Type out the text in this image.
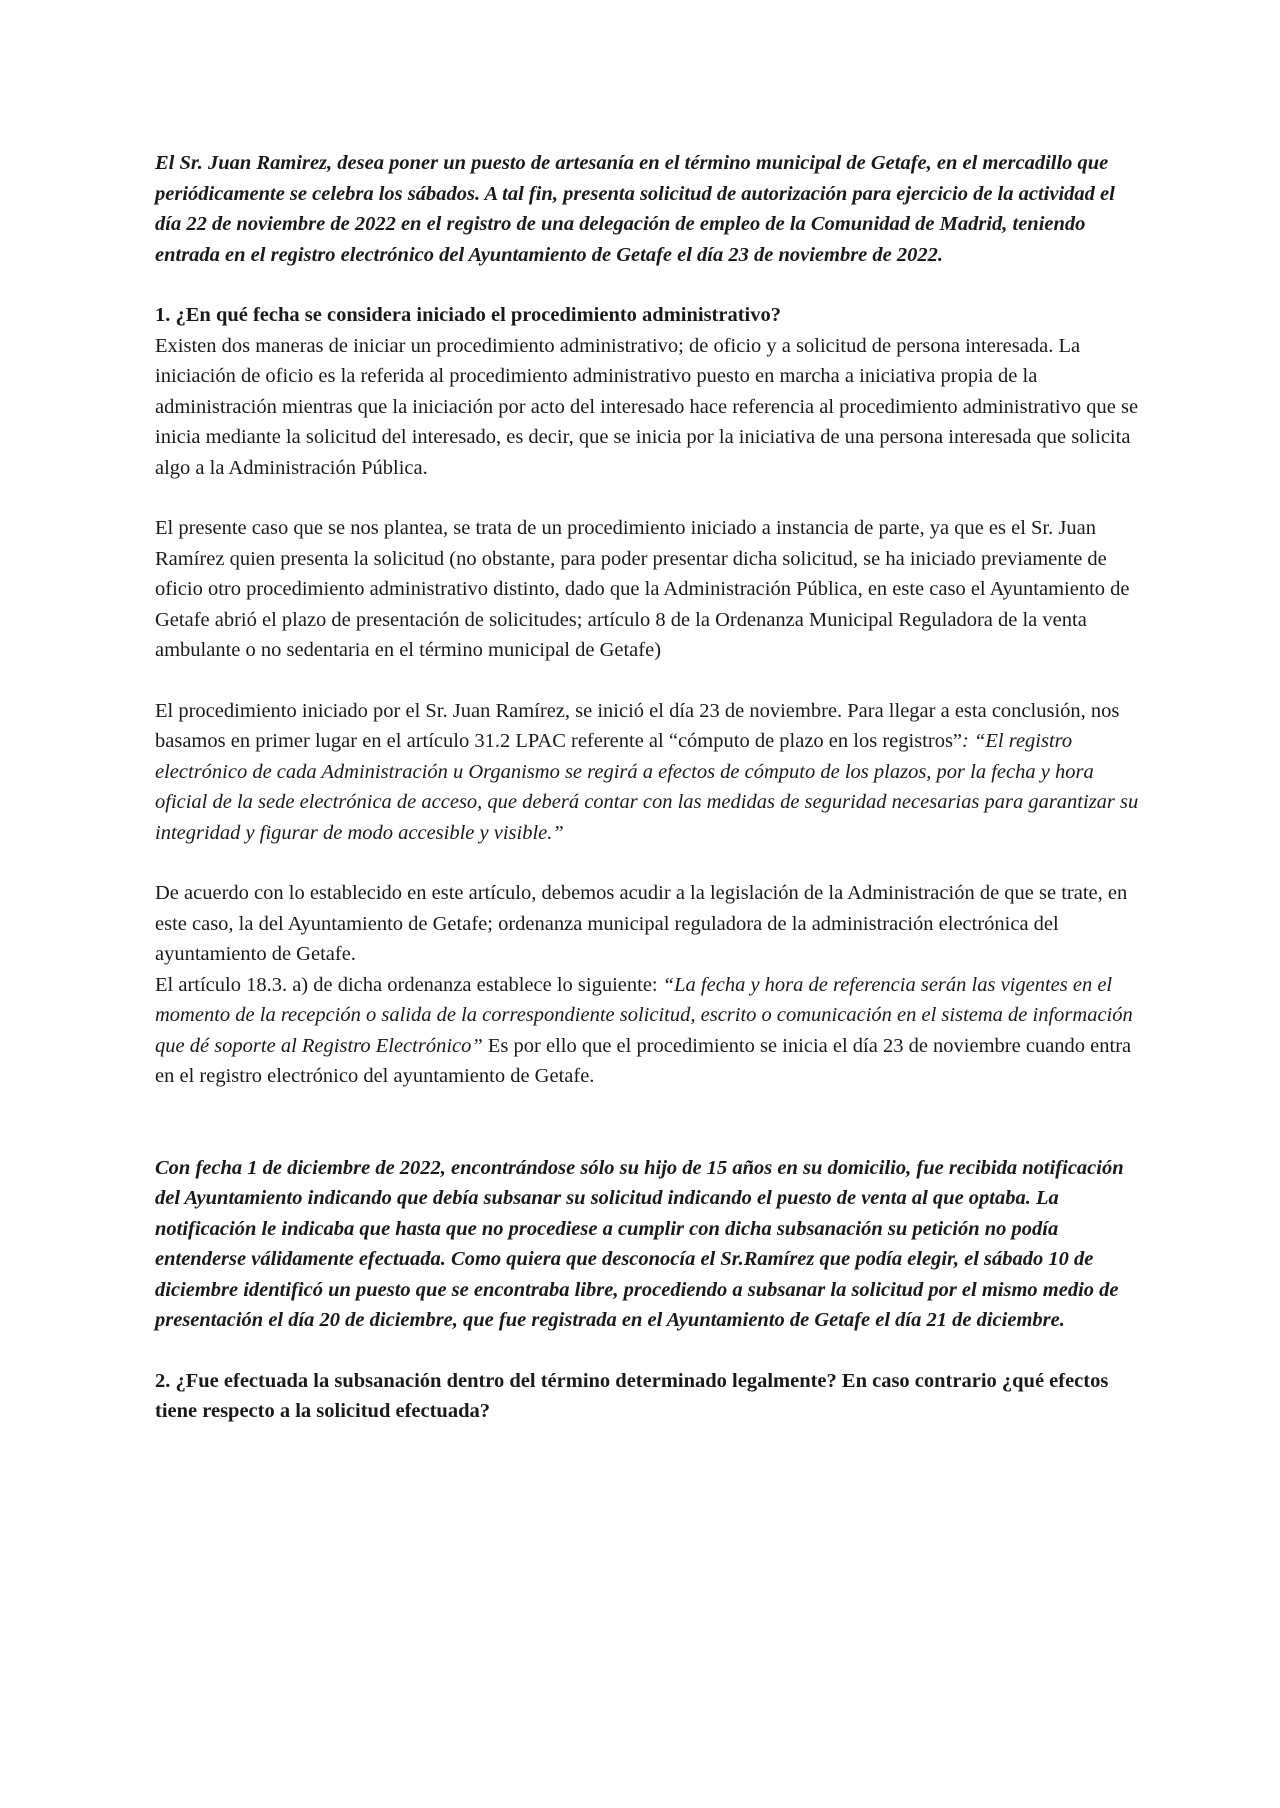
El Sr. Juan Ramirez, desea poner un puesto de artesanía en el término municipal de Getafe, en el mercadillo que periódicamente se celebra los sábados. A tal fin, presenta solicitud de autorización para ejercicio de la actividad el día 22 de noviembre de 2022 en el registro de una delegación de empleo de la Comunidad de Madrid, teniendo entrada en el registro electrónico del Ayuntamiento de Getafe el día 23 de noviembre de 2022.

1. ¿En qué fecha se considera iniciado el procedimiento administrativo?

Existen dos maneras de iniciar un procedimiento administrativo; de oficio y a solicitud de persona interesada. La iniciación de oficio es la referida al procedimiento administrativo puesto en marcha a iniciativa propia de la administración mientras que la iniciación por acto del interesado hace referencia al procedimiento administrativo que se inicia mediante la solicitud del interesado, es decir, que se inicia por la iniciativa de una persona interesada que solicita algo a la Administración Pública.

El presente caso que se nos plantea, se trata de un procedimiento iniciado a instancia de parte, ya que es el Sr. Juan Ramírez quien presenta la solicitud (no obstante, para poder presentar dicha solicitud, se ha iniciado previamente de oficio otro procedimiento administrativo distinto, dado que la Administración Pública, en este caso el Ayuntamiento de Getafe abrió el plazo de presentación de solicitudes; artículo 8 de la Ordenanza Municipal Reguladora de la venta ambulante o no sedentaria en el término municipal de Getafe)

El procedimiento iniciado por el Sr. Juan Ramírez, se inició el día 23 de noviembre. Para llegar a esta conclusión, nos basamos en primer lugar en el artículo 31.2 LPAC referente al “cómputo de plazo en los registros”: “El registro electrónico de cada Administración u Organismo se regirá a efectos de cómputo de los plazos, por la fecha y hora oficial de la sede electrónica de acceso, que deberá contar con las medidas de seguridad necesarias para garantizar su integridad y figurar de modo accesible y visible.”

De acuerdo con lo establecido en este artículo, debemos acudir a la legislación de la Administración de que se trate, en este caso, la del Ayuntamiento de Getafe; ordenanza municipal reguladora de la administración electrónica del ayuntamiento de Getafe.

El artículo 18.3. a) de dicha ordenanza establece lo siguiente: “La fecha y hora de referencia serán las vigentes en el momento de la recepción o salida de la correspondiente solicitud, escrito o comunicación en el sistema de información que dé soporte al Registro Electrónico” Es por ello que el procedimiento se inicia el día 23 de noviembre cuando entra en el registro electrónico del ayuntamiento de Getafe.

Con fecha 1 de diciembre de 2022, encontrándose sólo su hijo de 15 años en su domicilio, fue recibida notificación del Ayuntamiento indicando que debía subsanar su solicitud indicando el puesto de venta al que optaba. La notificación le indicaba que hasta que no procediese a cumplir con dicha subsanación su petición no podía entenderse válidamente efectuada. Como quiera que desconocía el Sr.Ramírez que podía elegir, el sábado 10 de diciembre identificó un puesto que se encontraba libre, procediendo a subsanar la solicitud por el mismo medio de presentación el día 20 de diciembre, que fue registrada en el Ayuntamiento de Getafe el día 21 de diciembre.

2. ¿Fue efectuada la subsanación dentro del término determinado legalmente? En caso contrario ¿qué efectos tiene respecto a la solicitud efectuada?
